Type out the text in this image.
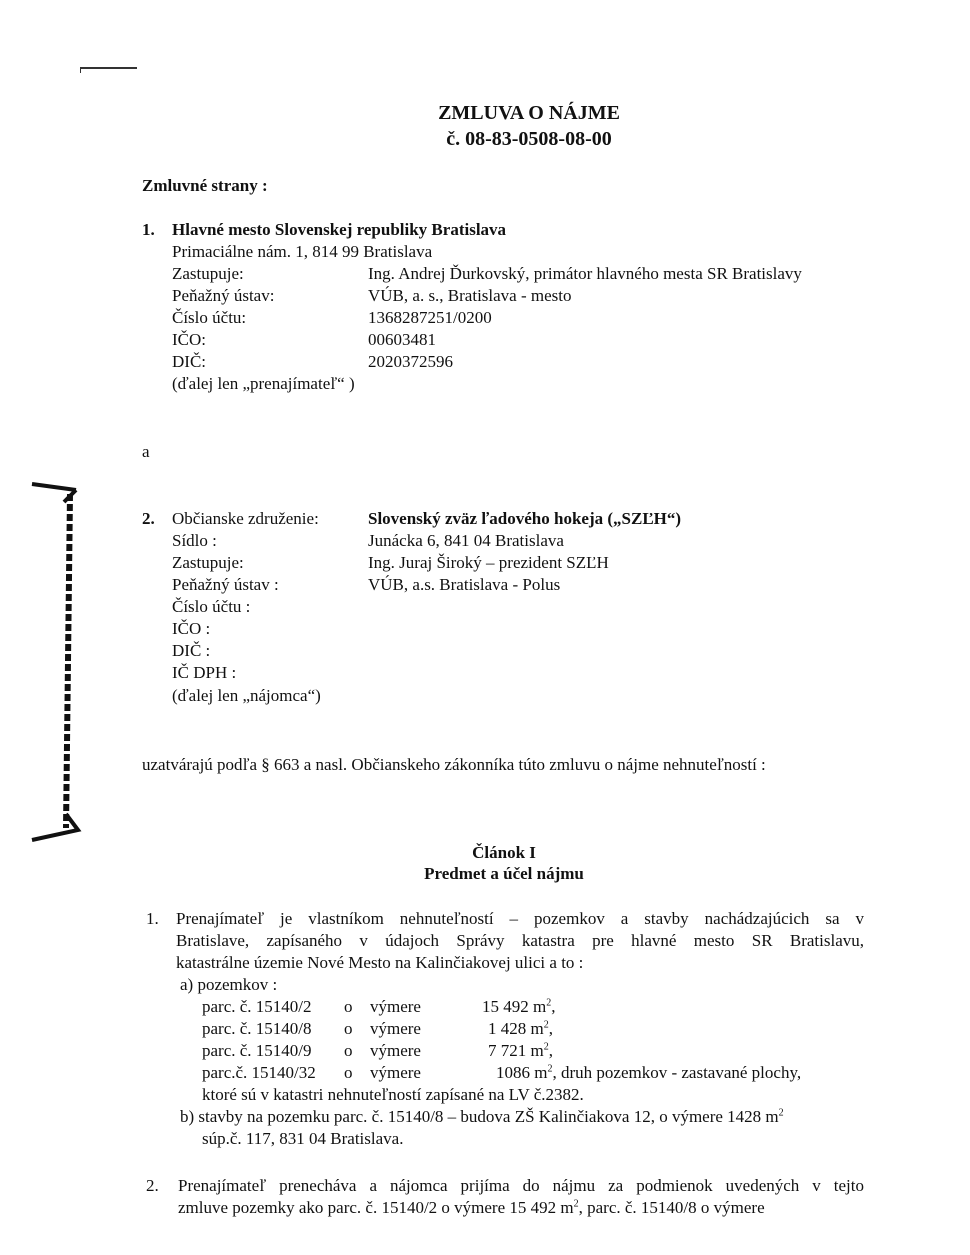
ZMLUVA O NÁJME
č. 08-83-0508-08-00
Zmluvné strany :
1. Hlavné mesto Slovenskej republiky Bratislava
Primaciálne nám. 1, 814 99 Bratislava
Zastupuje:	Ing. Andrej Ďurkovský, primátor hlavného mesta SR Bratislavy
Peňažný ústav:	VÚB, a. s., Bratislava - mesto
Číslo účtu:	1368287251/0200
IČO:	00603481
DIČ:	2020372596
(ďalej len „prenajímateľ“ )
a
2. Občianske združenie:	Slovenský zväz ľadového hokeja („SZĽH“)
Sídlo :	Junácka 6, 841 04 Bratislava
Zastupuje:	Ing. Juraj Široký – prezident SZĽH
Peňažný ústav :	VÚB, a.s. Bratislava - Polus
Číslo účtu :
IČO :
DIČ :
IČ DPH :
(ďalej len „nájomca“)
uzatvárajú podľa § 663 a nasl. Občianskeho zákonníka túto zmluvu o nájme nehnuteľností :
Článok I
Predmet a účel nájmu
1. Prenajímateľ je vlastníkom nehnuteľností – pozemkov a stavby nachádzajúcich sa v
Bratislave, zapísaného v údajoch Správy katastra pre hlavné mesto SR Bratislavu,
katastrálne územie Nové Mesto na Kalinčiakovej ulici a to :
a) pozemkov :
parc. č. 15140/2 o výmere	15 492 $m^2$,
parc. č. 15140/8 o výmere	1 428 $m^2$,
parc. č. 15140/9 o výmere	7 721 $m^2$,
parc.č. 15140/32 o výmere	1086 $m^2$, druh pozemkov - zastavané plochy,
ktoré sú v katastri nehnuteľností zapísané na LV č.2382.
b) stavby na pozemku parc. č. 15140/8 – budova ZŠ Kalinčiakova 12, o výmere 1428 $m^2$
súp.č. 117, 831 04 Bratislava.
2. Prenajímateľ prenecháva a nájomca prijíma do nájmu za podmienok uvedených v tejto
zmluve pozemky ako parc. č. 15140/2 o výmere 15 492 $m^2$, parc. č. 15140/8 o výmere
